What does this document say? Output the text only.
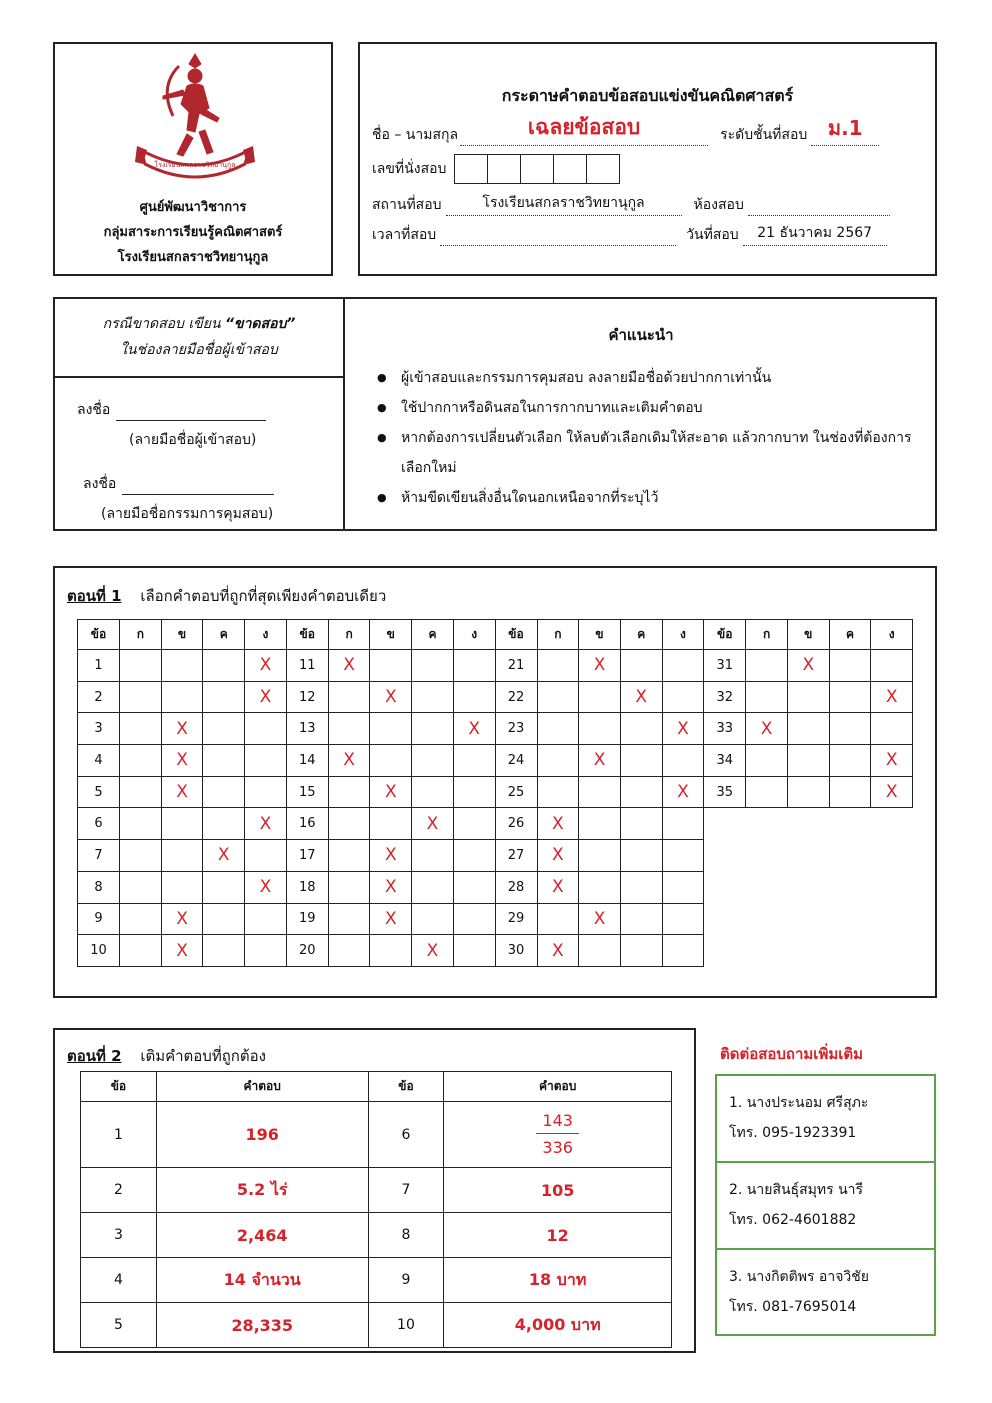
โรงเรียนสกลราชวิทยานุกูล
ศูนย์พัฒนาวิชาการ
กลุ่มสาระการเรียนรู้คณิตศาสตร์
โรงเรียนสกลราชวิทยานุกูล
กระดาษคำตอบข้อสอบแข่งขันคณิตศาสตร์
ชื่อ – นามสกุล	เฉลยข้อสอบ	ระดับชั้นที่สอบ	ม.1
เลขที่นั่งสอบ
สถานที่สอบ	โรงเรียนสกลราชวิทยานุกูล	ห้องสอบ
เวลาที่สอบ	วันที่สอบ	21 ธันวาคม 2567
กรณีขาดสอบ เขียน “ขาดสอบ”
ในช่องลายมือชื่อผู้เข้าสอบ
ลงชื่อ
(ลายมือชื่อผู้เข้าสอบ)
ลงชื่อ
(ลายมือชื่อกรรมการคุมสอบ)
คำแนะนำ
● ผู้เข้าสอบและกรรมการคุมสอบ ลงลายมือชื่อด้วยปากกาเท่านั้น
● ใช้ปากกาหรือดินสอในการกากบาทและเติมคำตอบ
● หากต้องการเปลี่ยนตัวเลือก ให้ลบตัวเลือกเดิมให้สะอาด แล้วกากบาท ในช่องที่ต้องการเลือกใหม่
● ห้ามขีดเขียนสิ่งอื่นใดนอกเหนือจากที่ระบุไว้
ตอนที่ 1 เลือกคำตอบที่ถูกที่สุดเพียงคำตอบเดียว
ข้อ	ก	ข	ค	ง	ข้อ	ก	ข	ค	ง	ข้อ	ก	ข	ค	ง	ข้อ	ก	ข	ค	ง
1				X	11	X				21		X			31		X		
2				X	12		X			22			X		32				X
3		X			13				X	23				X	33	X			
4		X			14	X				24		X			34				X
5		X			15		X			25				X	35				X
6				X	16			X		26	X								
7			X		17		X			27	X								
8				X	18		X			28	X								
9		X			19		X			29		X							
10		X			20			X		30	X								
ตอนที่ 2 เติมคำตอบที่ถูกต้อง
ข้อ	คำตอบ	ข้อ	คำตอบ
1	196	6	$\frac{143}{336}$

2	5.2 ไร่	7	105
3	2,464	8	12
4	14 จำนวน	9	18 บาท
5	28,335	10	4,000 บาท
ติดต่อสอบถามเพิ่มเติม
1. นางประนอม ศรีสุภะ
โทร. 095-1923391
2. นายสินธุ์สมุทร นารี
โทร. 062-4601882
3. นางกิตติพร อาจวิชัย
โทร. 081-7695014
